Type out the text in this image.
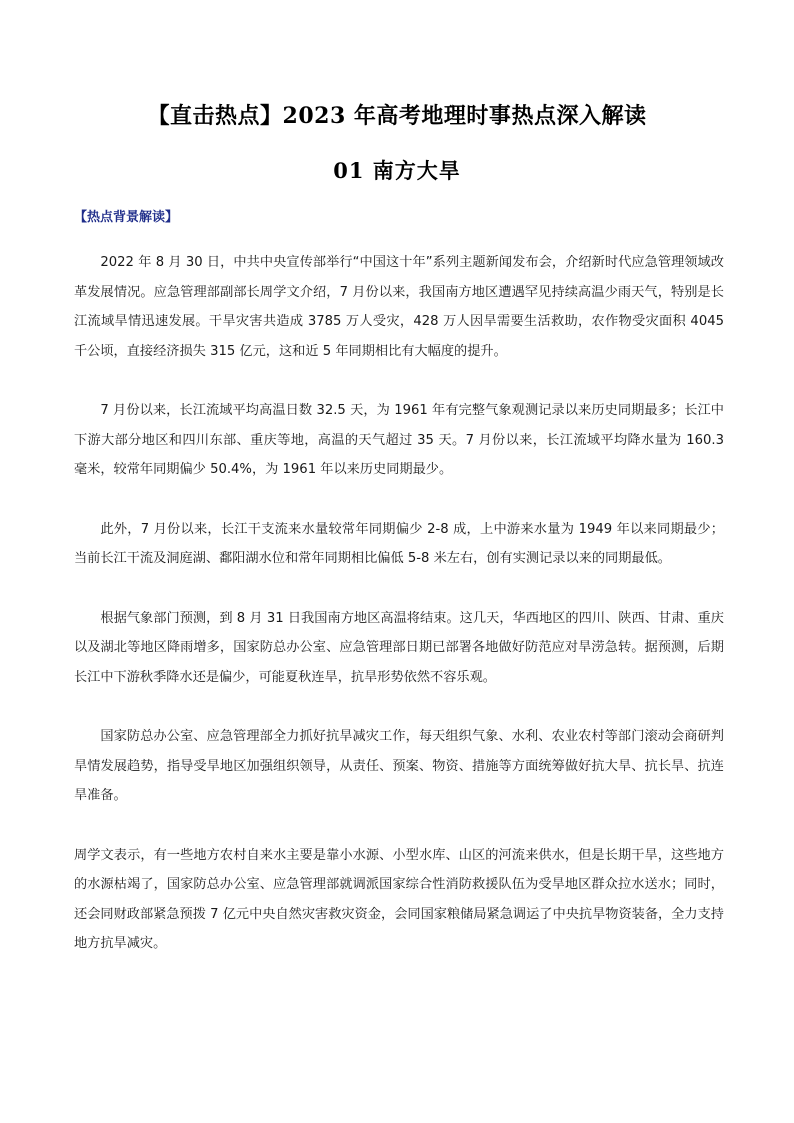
【直击热点】2023 年高考地理时事热点深入解读
01 南方大旱
【热点背景解读】

2022 年 8 月 30 日，中共中央宣传部举行“中国这十年”系列主题新闻发布会，介绍新时代应急管理领域改革发展情况。应急管理部副部长周学文介绍，7 月份以来，我国南方地区遭遇罕见持续高温少雨天气，特别是长江流域旱情迅速发展。干旱灾害共造成 3785 万人受灾，428 万人因旱需要生活救助，农作物受灾面积 4045 千公顷，直接经济损失 315 亿元，这和近 5 年同期相比有大幅度的提升。

7 月份以来，长江流域平均高温日数 32.5 天，为 1961 年有完整气象观测记录以来历史同期最多；长江中下游大部分地区和四川东部、重庆等地，高温的天气超过 35 天。7 月份以来，长江流域平均降水量为 160.3 毫米，较常年同期偏少 50.4%，为 1961 年以来历史同期最少。

此外，7 月份以来，长江干支流来水量较常年同期偏少 2-8 成，上中游来水量为 1949 年以来同期最少；当前长江干流及洞庭湖、鄱阳湖水位和常年同期相比偏低 5-8 米左右，创有实测记录以来的同期最低。

根据气象部门预测，到 8 月 31 日我国南方地区高温将结束。这几天，华西地区的四川、陕西、甘肃、重庆以及湖北等地区降雨增多，国家防总办公室、应急管理部日期已部署各地做好防范应对旱涝急转。据预测，后期长江中下游秋季降水还是偏少，可能夏秋连旱，抗旱形势依然不容乐观。

国家防总办公室、应急管理部全力抓好抗旱减灾工作，每天组织气象、水利、农业农村等部门滚动会商研判旱情发展趋势，指导受旱地区加强组织领导，从责任、预案、物资、措施等方面统筹做好抗大旱、抗长旱、抗连旱准备。

周学文表示，有一些地方农村自来水主要是靠小水源、小型水库、山区的河流来供水，但是长期干旱，这些地方的水源枯竭了，国家防总办公室、应急管理部就调派国家综合性消防救援队伍为受旱地区群众拉水送水；同时，还会同财政部紧急预拨 7 亿元中央自然灾害救灾资金，会同国家粮储局紧急调运了中央抗旱物资装备，全力支持地方抗旱减灾。
